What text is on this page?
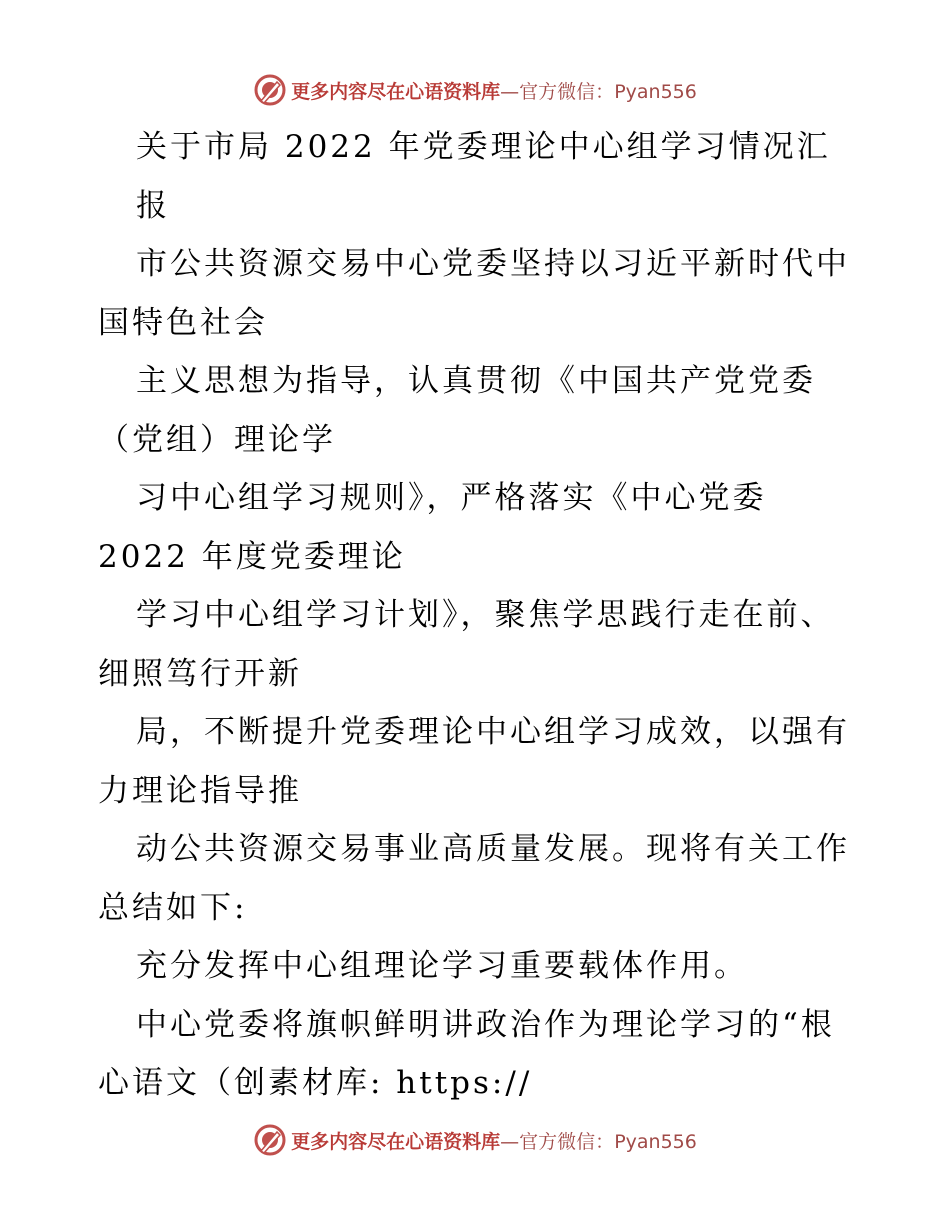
更多内容尽在心语资料库—官方微信：Pyan556
关于市局 2022 年党委理论中心组学习情况汇
报
市公共资源交易中心党委坚持以习近平新时代中
国特色社会
主义思想为指导，认真贯彻《中国共产党党委
（党组）理论学
习中心组学习规则》，严格落实《中心党委
2022 年度党委理论
学习中心组学习计划》，聚焦学思践行走在前、
细照笃行开新
局，不断提升党委理论中心组学习成效，以强有
力理论指导推
动公共资源交易事业高质量发展。现将有关工作
总结如下:
充分发挥中心组理论学习重要载体作用。
中心党委将旗帜鲜明讲政治作为理论学习的“根
心语文（创素材库: https://
更多内容尽在心语资料库—官方微信：Pyan556
